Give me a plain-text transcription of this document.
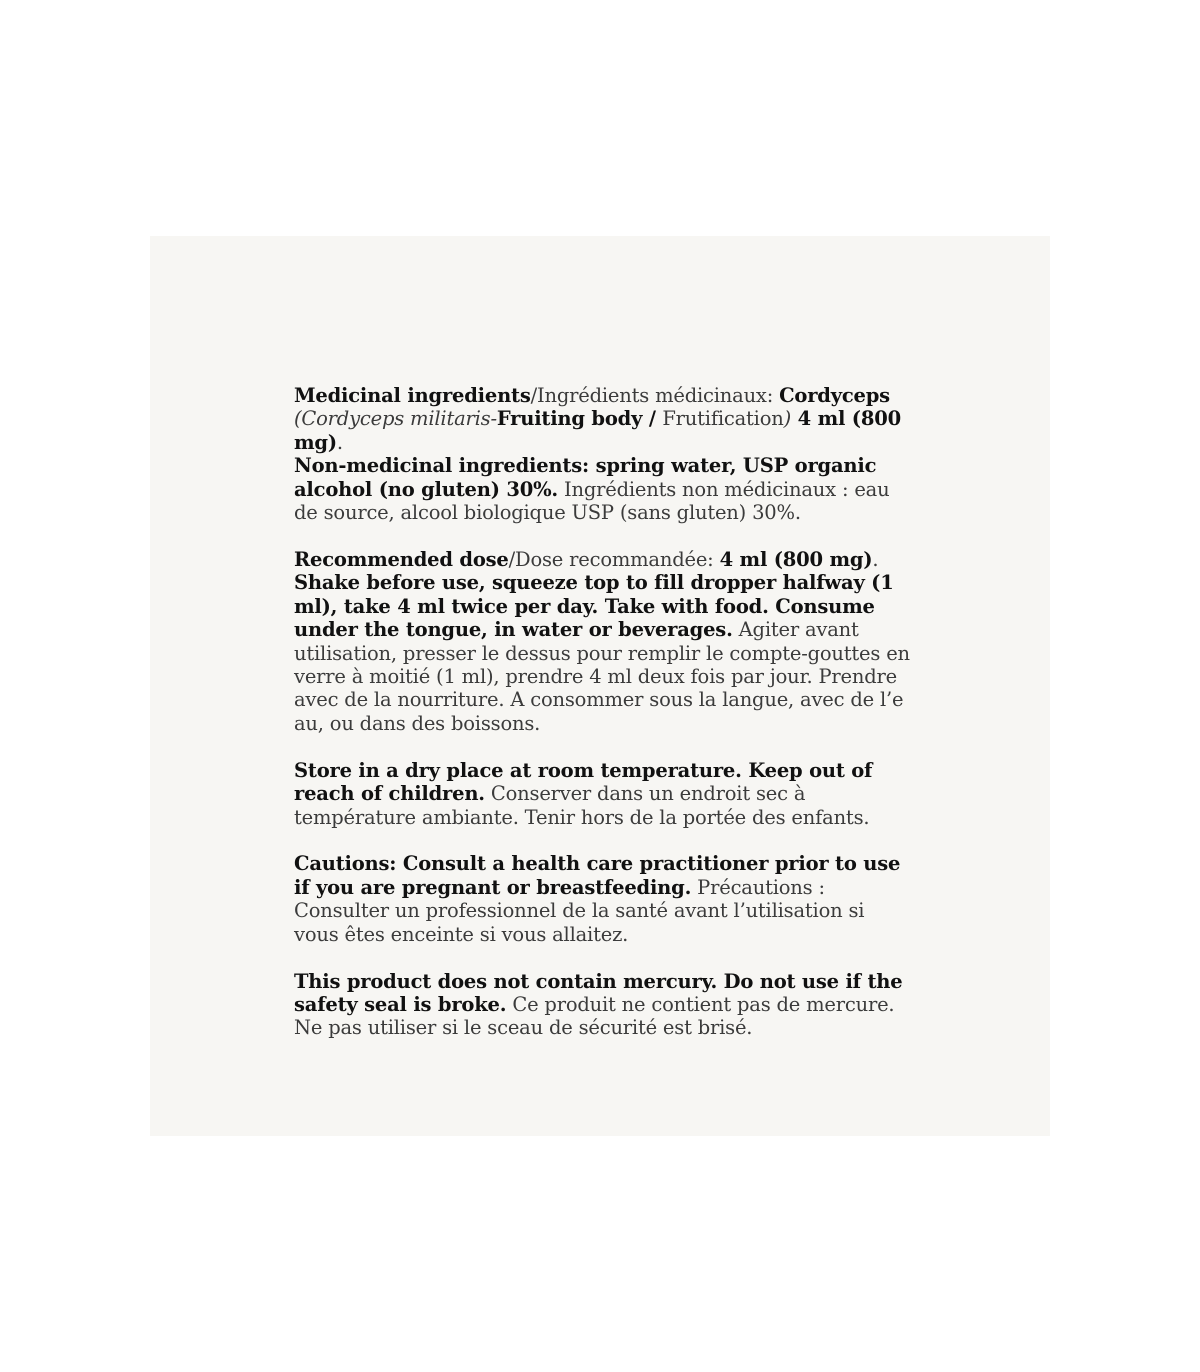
Medicinal ingredients/Ingrédients médicinaux: Cordyceps (Cordyceps militaris-Fruiting body / Frutification) 4 ml (800 mg).
Non-medicinal ingredients: spring water, USP organic alcohol (no gluten) 30%. Ingrédients non médicinaux : eau de source, alcool biologique USP (sans gluten) 30%.

Recommended dose/Dose recommandée: 4 ml (800 mg). Shake before use, squeeze top to fill dropper halfway (1 ml), take 4 ml twice per day. Take with food. Consume under the tongue, in water or beverages. Agiter avant utilisation, presser le dessus pour remplir le compte-gouttes en verre à moitié (1 ml), prendre 4 ml deux fois par jour. Prendre avec de la nourriture. A consommer sous la langue, avec de l’e au, ou dans des boissons.

Store in a dry place at room temperature. Keep out of reach of children. Conserver dans un endroit sec à température ambiante. Tenir hors de la portée des enfants.

Cautions: Consult a health care practitioner prior to use if you are pregnant or breastfeeding. Précautions : Consulter un professionnel de la santé avant l’utilisation si vous êtes enceinte si vous allaitez.

This product does not contain mercury. Do not use if the safety seal is broke. Ce produit ne contient pas de mercure. Ne pas utiliser si le sceau de sécurité est brisé.
